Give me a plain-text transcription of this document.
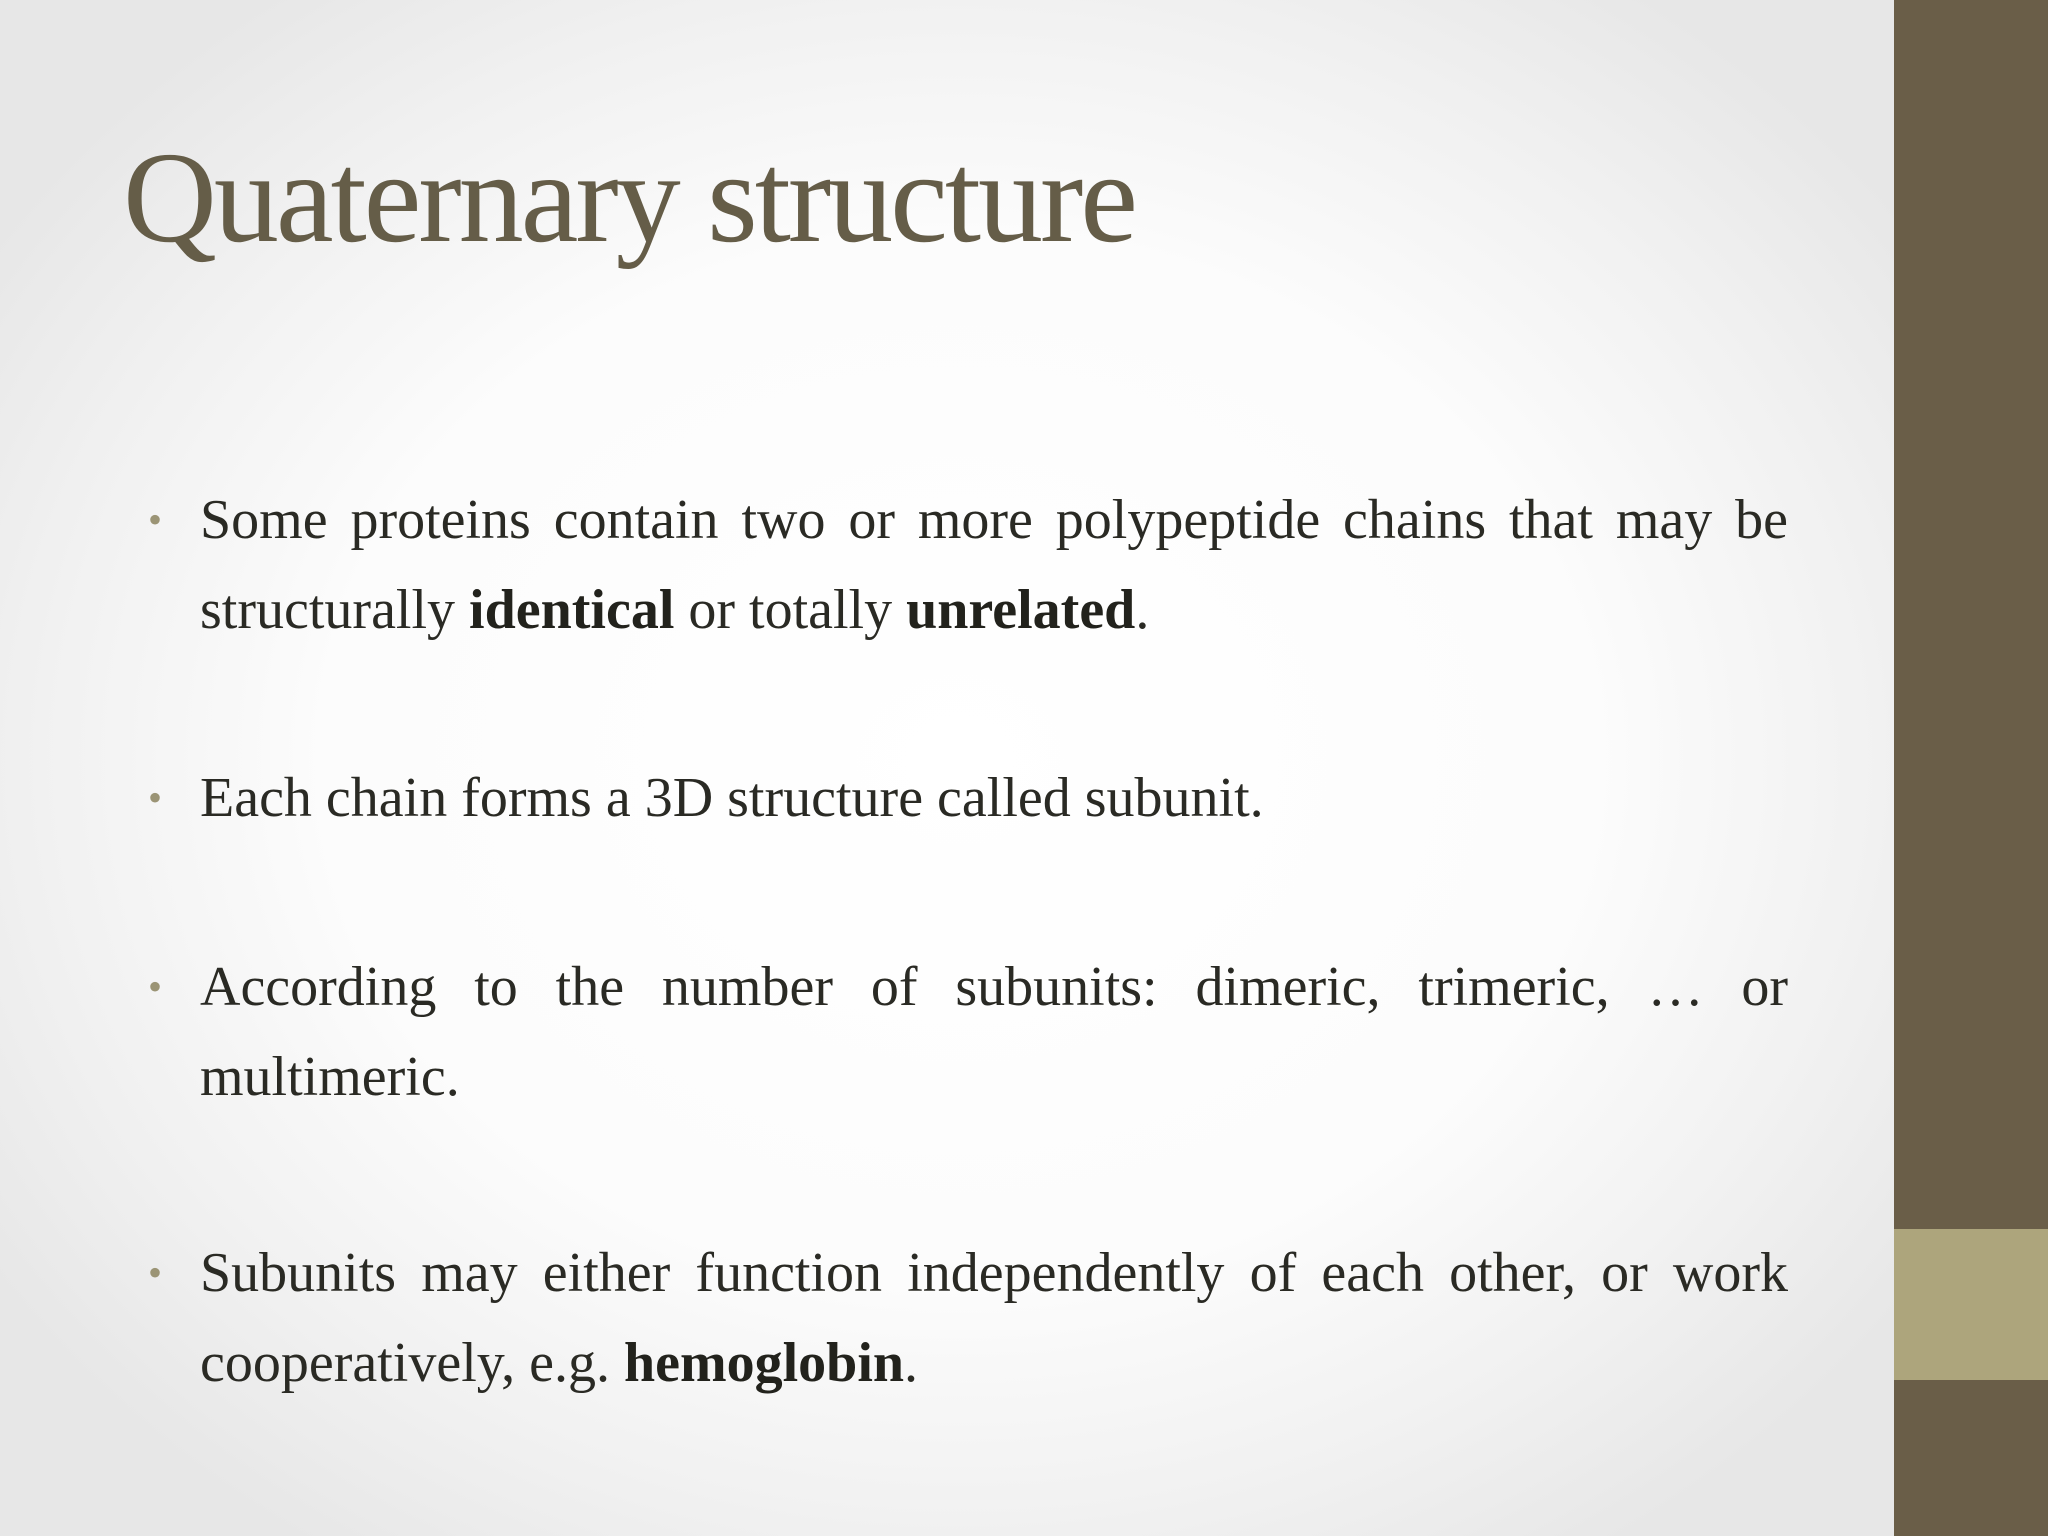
Quaternary structure
• Some proteins contain two or more polypeptide chains that may be structurally identical or totally unrelated.
• Each chain forms a 3D structure called subunit.
• According to the number of subunits: dimeric, trimeric, … or multimeric.
• Subunits may either function independently of each other, or work cooperatively, e.g. hemoglobin.
